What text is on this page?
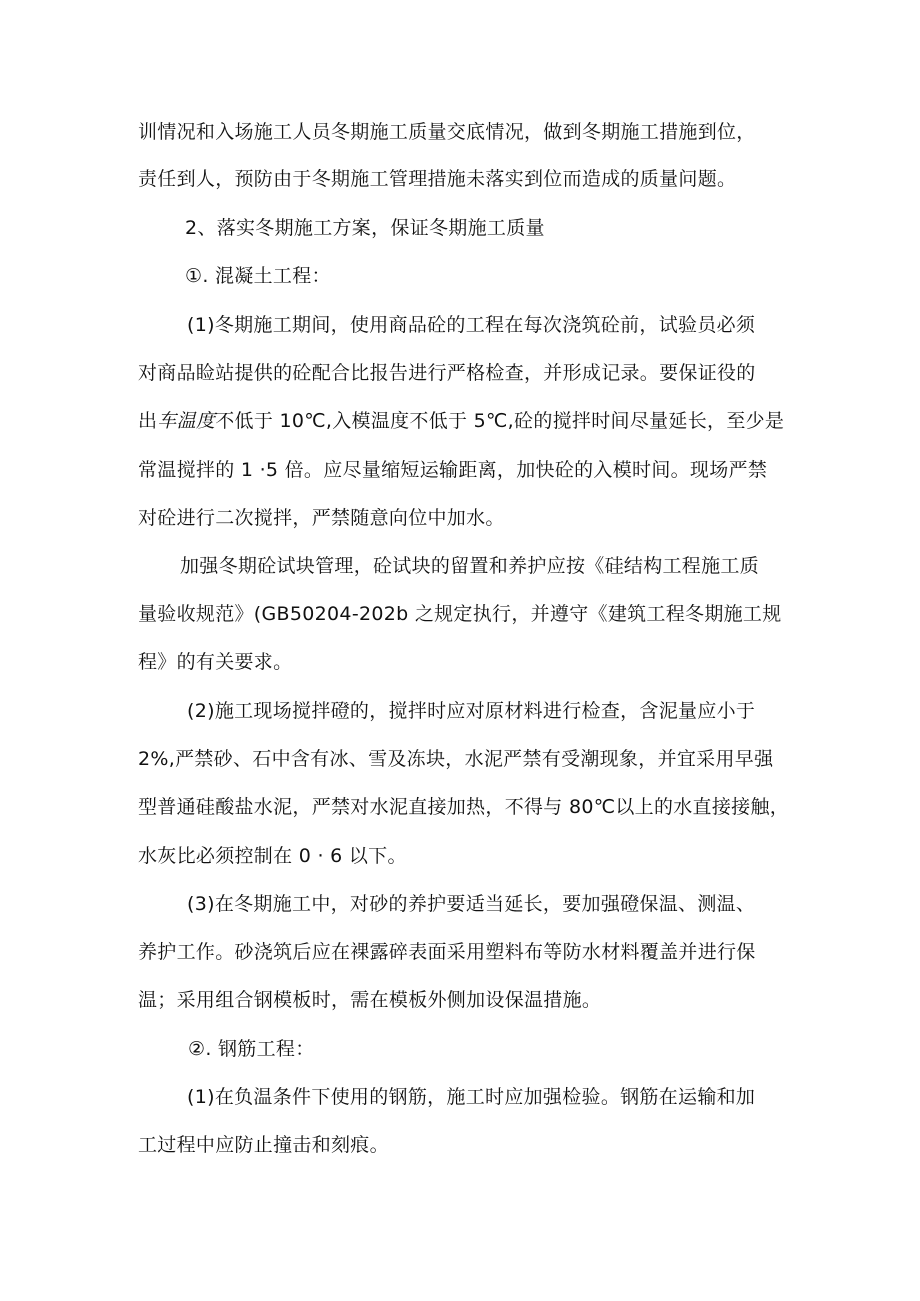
训情况和入场施工人员冬期施工质量交底情况，做到冬期施工措施到位，
责任到人，预防由于冬期施工管理措施未落实到位而造成的质量问题。
2、落实冬期施工方案，保证冬期施工质量
①. 混凝土工程：
(1)冬期施工期间，使用商品砼的工程在每次浇筑砼前，试验员必须
对商品睑站提供的砼配合比报告进行严格检查，并形成记录。要保证役的
出车温度不低于 10℃,入模温度不低于 5℃,砼的搅拌时间尽量延长，至少是
常温搅拌的 1 ·5 倍。应尽量缩短运输距离，加快砼的入模时间。现场严禁
对砼进行二次搅拌，严禁随意向位中加水。
加强冬期砼试块管理，砼试块的留置和养护应按《硅结构工程施工质
量验收规范》(GB50204-202b 之规定执行，并遵守《建筑工程冬期施工规
程》的有关要求。
(2)施工现场搅拌磴的，搅拌时应对原材料进行检查，含泥量应小于
2%,严禁砂、石中含有冰、雪及冻块，水泥严禁有受潮现象，并宜采用早强
型普通硅酸盐水泥，严禁对水泥直接加热，不得与 80℃以上的水直接接触，
水灰比必须控制在 0 · 6 以下。
(3)在冬期施工中，对砂的养护要适当延长，要加强磴保温、测温、
养护工作。砂浇筑后应在裸露碎表面采用塑料布等防水材料覆盖并进行保
温；采用组合钢模板时，需在模板外侧加设保温措施。
②. 钢筋工程：
(1)在负温条件下使用的钢筋，施工时应加强检验。钢筋在运输和加
工过程中应防止撞击和刻痕。
